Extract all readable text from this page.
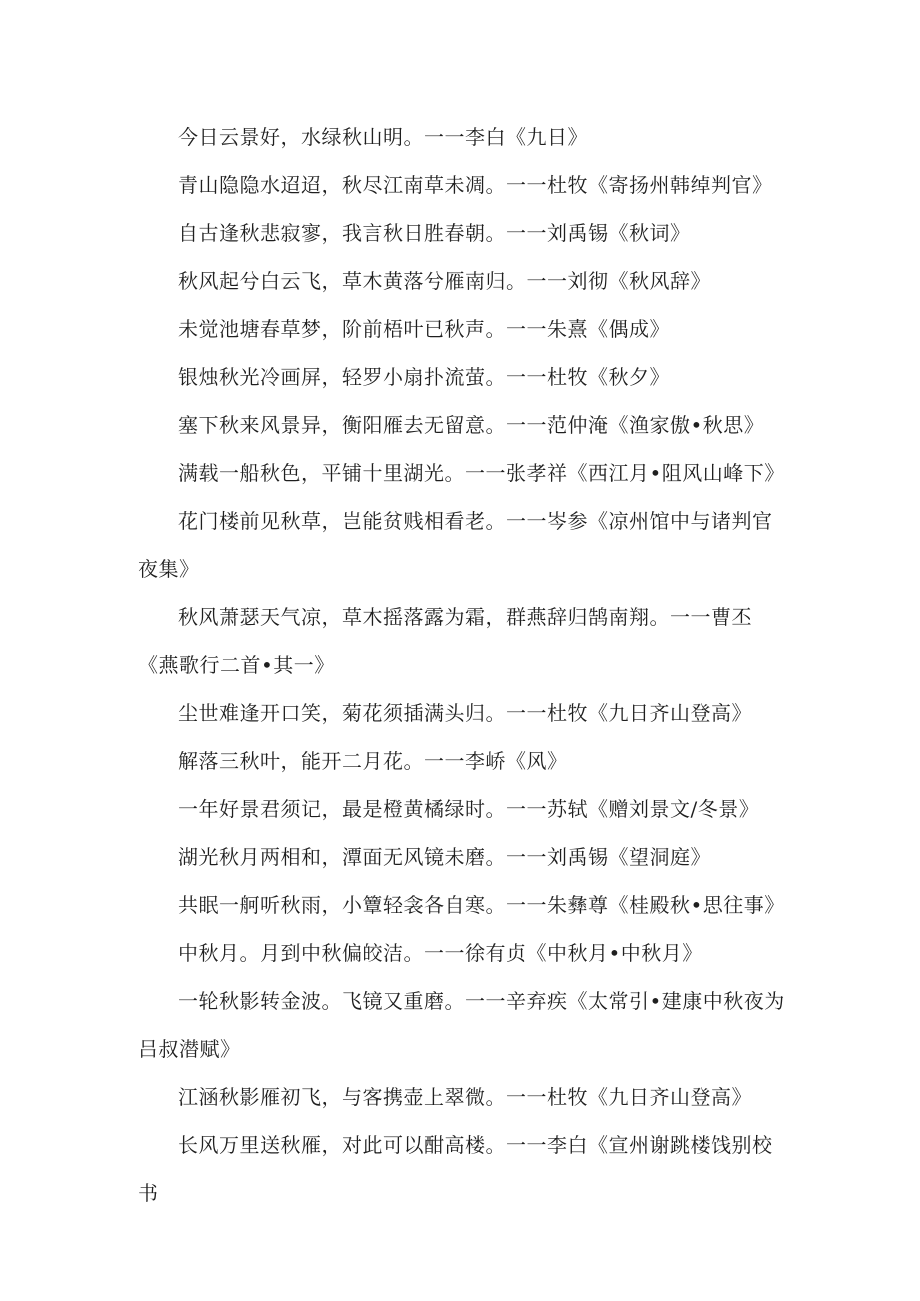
今日云景好，水绿秋山明。一一李白《九日》

青山隐隐水迢迢，秋尽江南草未凋。一一杜牧《寄扬州韩绰判官》

自古逢秋悲寂寥，我言秋日胜春朝。一一刘禹锡《秋词》

秋风起兮白云飞，草木黄落兮雁南归。一一刘彻《秋风辞》

未觉池塘春草梦，阶前梧叶已秋声。一一朱熹《偶成》

银烛秋光冷画屏，轻罗小扇扑流萤。一一杜牧《秋夕》

塞下秋来风景异，衡阳雁去无留意。一一范仲淹《渔家傲•秋思》

满载一船秋色，平铺十里湖光。一一张孝祥《西江月•阻风山峰下》

花门楼前见秋草，岂能贫贱相看老。一一岑参《凉州馆中与诸判官夜集》

秋风萧瑟天气凉，草木摇落露为霜，群燕辞归鹄南翔。一一曹丕《燕歌行二首•其一》

尘世难逢开口笑，菊花须插满头归。一一杜牧《九日齐山登高》

解落三秋叶，能开二月花。一一李峤《风》

一年好景君须记，最是橙黄橘绿时。一一苏轼《赠刘景文/冬景》

湖光秋月两相和，潭面无风镜未磨。一一刘禹锡《望洞庭》

共眠一舸听秋雨，小簟轻衾各自寒。一一朱彝尊《桂殿秋•思往事》

中秋月。月到中秋偏皎洁。一一徐有贞《中秋月•中秋月》

一轮秋影转金波。飞镜又重磨。一一辛弃疾《太常引•建康中秋夜为吕叔潜赋》

江涵秋影雁初飞，与客携壶上翠微。一一杜牧《九日齐山登高》

长风万里送秋雁，对此可以酣高楼。一一李白《宣州谢跳楼饯别校书
